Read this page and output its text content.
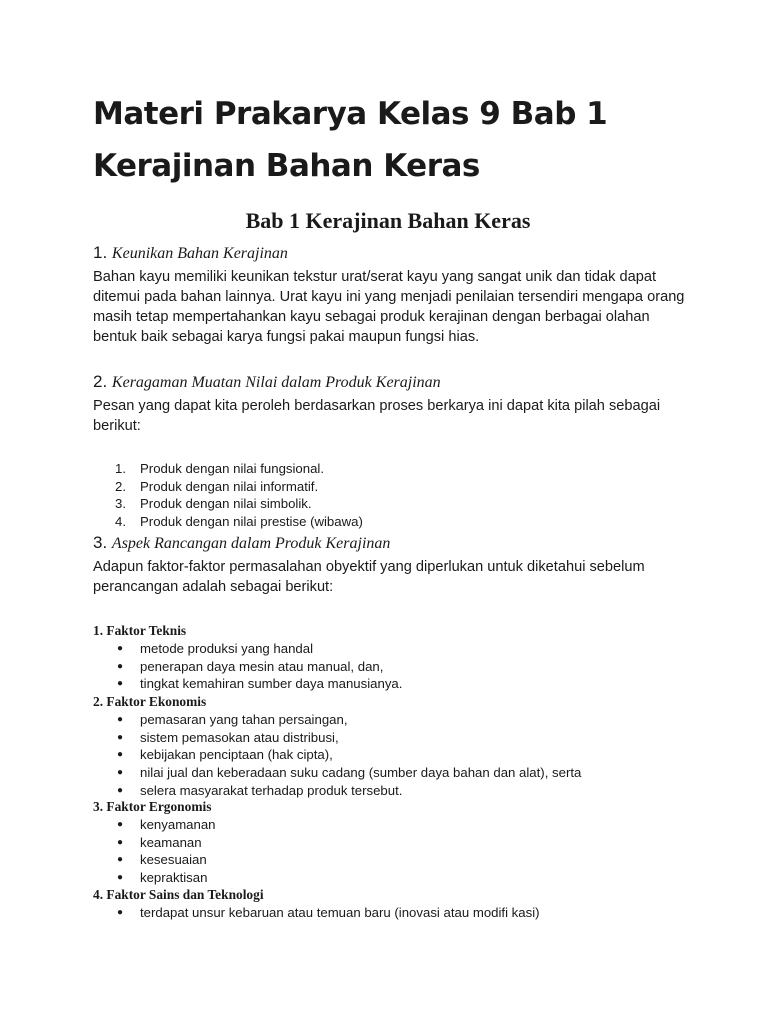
Materi Prakarya Kelas 9 Bab 1 Kerajinan Bahan Keras
Bab 1 Kerajinan Bahan Keras
1. Keunikan Bahan Kerajinan

Bahan kayu memiliki keunikan tekstur urat/serat kayu yang sangat unik dan tidak dapat ditemui pada bahan lainnya. Urat kayu ini yang menjadi penilaian tersendiri mengapa orang masih tetap mempertahankan kayu sebagai produk kerajinan dengan berbagai olahan bentuk baik sebagai karya fungsi pakai maupun fungsi hias.

2. Keragaman Muatan Nilai dalam Produk Kerajinan

Pesan yang dapat kita peroleh berdasarkan proses berkarya ini dapat kita pilah sebagai berikut:

1. Produk dengan nilai fungsional.
2. Produk dengan nilai informatif.
3. Produk dengan nilai simbolik.
4. Produk dengan nilai prestise (wibawa)
3. Aspek Rancangan dalam Produk Kerajinan

Adapun faktor-faktor permasalahan obyektif yang diperlukan untuk diketahui sebelum perancangan adalah sebagai berikut:

1. Faktor Teknis

● metode produksi yang handal
● penerapan daya mesin atau manual, dan,
● tingkat kemahiran sumber daya manusianya.

2. Faktor Ekonomis

● pemasaran yang tahan persaingan,
● sistem pemasokan atau distribusi,
● kebijakan penciptaan (hak cipta),
● nilai jual dan keberadaan suku cadang (sumber daya bahan dan alat), serta
● selera masyarakat terhadap produk tersebut.

3. Faktor Ergonomis

● kenyamanan
● keamanan
● kesesuaian
● kepraktisan

4. Faktor Sains dan Teknologi

● terdapat unsur kebaruan atau temuan baru (inovasi atau modifi kasi)
